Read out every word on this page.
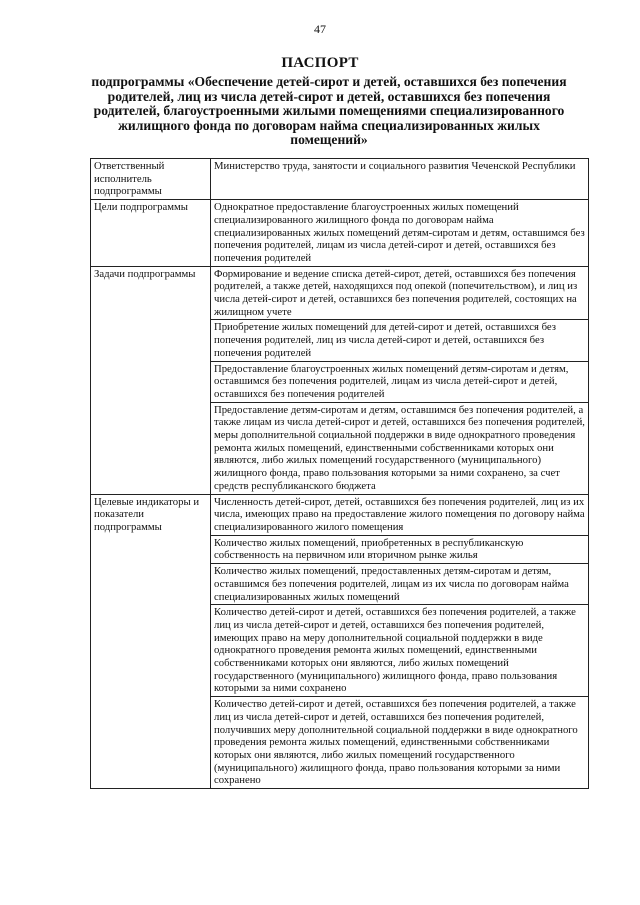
47
ПАСПОРТ
подпрограммы «Обеспечение детей-сирот и детей, оставшихся без попечения родителей, лиц из числа детей-сирот и детей, оставшихся без попечения родителей, благоустроенными жилыми помещениями специализированного жилищного фонда по договорам найма специализированных жилых помещений»
Ответственный исполнитель подпрограммы	Министерство труда, занятости и социального развития Чеченской Республики
Цели подпрограммы	Однократное предоставление благоустроенных жилых помещений специализированного жилищного фонда по договорам найма специализированных жилых помещений детям-сиротам и детям, оставшимся без попечения родителей, лицам из числа детей-сирот и детей, оставшихся без попечения родителей
Задачи подпрограммы	Формирование и ведение списка детей-сирот, детей, оставшихся без попечения родителей, а также детей, находящихся под опекой (попечительством), и лиц из числа детей-сирот и детей, оставшихся без попечения родителей, состоящих на жилищном учете
	Приобретение жилых помещений для детей-сирот и детей, оставшихся без попечения родителей, лиц из числа детей-сирот и детей, оставшихся без попечения родителей
	Предоставление благоустроенных жилых помещений детям-сиротам и детям, оставшимся без попечения родителей, лицам из числа детей-сирот и детей, оставшихся без попечения родителей
	Предоставление детям-сиротам и детям, оставшимся без попечения родителей, а также лицам из числа детей-сирот и детей, оставшихся без попечения родителей, меры дополнительной социальной поддержки в виде однократного проведения ремонта жилых помещений, единственными собственниками которых они являются, либо жилых помещений государственного (муниципального) жилищного фонда, право пользования которыми за ними сохранено, за счет средств республиканского бюджета
Целевые индикаторы и показатели подпрограммы	Численность детей-сирот, детей, оставшихся без попечения родителей, лиц из их числа, имеющих право на предоставление жилого помещения по договору найма специализированного жилого помещения
	Количество жилых помещений, приобретенных в республиканскую собственность на первичном или вторичном рынке жилья
	Количество жилых помещений, предоставленных детям-сиротам и детям, оставшимся без попечения родителей, лицам из их числа по договорам найма специализированных жилых помещений
	Количество детей-сирот и детей, оставшихся без попечения родителей, а также лиц из числа детей-сирот и детей, оставшихся без попечения родителей, имеющих право на меру дополнительной социальной поддержки в виде однократного проведения ремонта жилых помещений, единственными собственниками которых они являются, либо жилых помещений государственного (муниципального) жилищного фонда, право пользования которыми за ними сохранено
	Количество детей-сирот и детей, оставшихся без попечения родителей, а также лиц из числа детей-сирот и детей, оставшихся без попечения родителей, получивших меру дополнительной социальной поддержки в виде однократного проведения ремонта жилых помещений, единственными собственниками которых они являются, либо жилых помещений государственного (муниципального) жилищного фонда, право пользования которыми за ними сохранено
